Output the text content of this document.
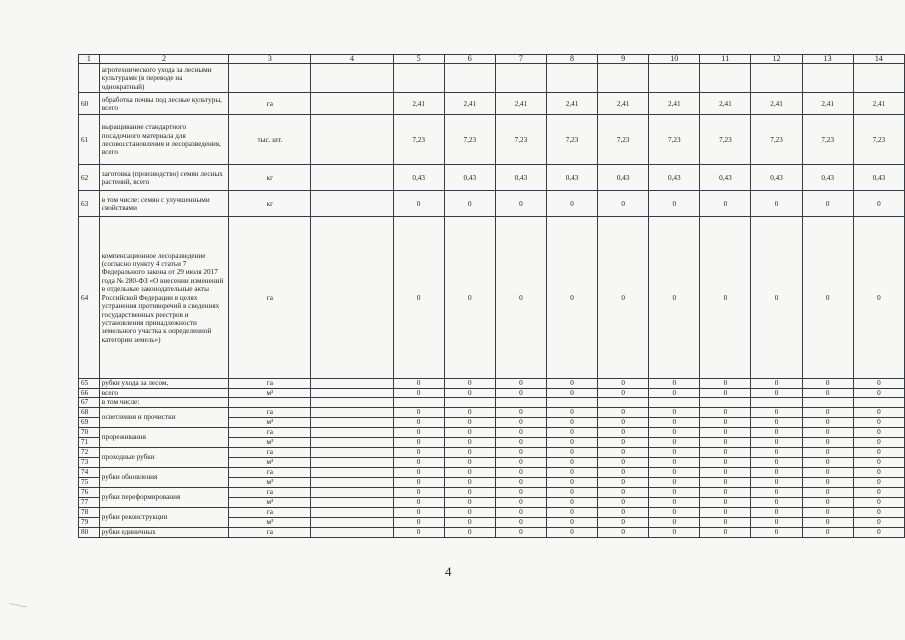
1	2	3	4	5	6	7	8	9	10	11	12	13	14
	агротехнического ухода за лесными культурами (в переводе на однократный)												
60	обработка почвы под лесные культуры, всего	га		2,41	2,41	2,41	2,41	2,41	2,41	2,41	2,41	2,41	2,41
61	выращивание стандартного посадочного материала для лесовосстановления и лесоразведения, всего	тыс. шт.		7,23	7,23	7,23	7,23	7,23	7,23	7,23	7,23	7,23	7,23
62	заготовка (производство) семян лесных растений, всего	кг		0,43	0,43	0,43	0,43	0,43	0,43	0,43	0,43	0,43	0,43
63	в том числе: семян с улучшенными свойствами	кг		0	0	0	0	0	0	0	0	0	0
64	компенсационное лесоразведение (согласно пункту 4 статьи 7 Федерального закона от 29 июля 2017 года № 280-ФЗ «О внесении изменений в отдельные законодательные акты Российской Федерации в целях устранения противоречий в сведениях государственных реестров и установления принадлежности земельного участка к определенной категории земель»)	га		0	0	0	0	0	0	0	0	0	0
65	рубки ухода за лесом,	га		0	0	0	0	0	0	0	0	0	0
66	всего	м³		0	0	0	0	0	0	0	0	0	0
67	в том числе:												
68	осветления и прочистки	га		0	0	0	0	0	0	0	0	0	0
69		м³		0	0	0	0	0	0	0	0	0	0
70	прореживания	га		0	0	0	0	0	0	0	0	0	0
71		м³		0	0	0	0	0	0	0	0	0	0
72	проходные рубки	га		0	0	0	0	0	0	0	0	0	0
73		м³		0	0	0	0	0	0	0	0	0	0
74	рубки обновления	га		0	0	0	0	0	0	0	0	0	0
75		м³		0	0	0	0	0	0	0	0	0	0
76	рубки переформирования	га		0	0	0	0	0	0	0	0	0	0
77		м³		0	0	0	0	0	0	0	0	0	0
78	рубки реконструкции	га		0	0	0	0	0	0	0	0	0	0
79		м³		0	0	0	0	0	0	0	0	0	0
80	рубки единичных	га		0	0	0	0	0	0	0	0	0	0
4
